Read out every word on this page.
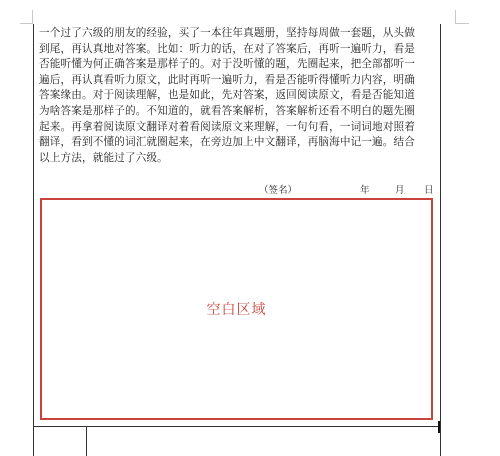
一个过了六级的朋友的经验，买了一本往年真题册，坚持每周做一套题，从头做
到尾，再认真地对答案。比如：听力的话，在对了答案后，再听一遍听力，看是
否能听懂为何正确答案是那样子的。对于没听懂的题，先圈起来，把全部都听一
遍后，再认真看听力原文，此时再听一遍听力，看是否能听得懂听力内容，明确
答案缘由。对于阅读理解，也是如此，先对答案，返回阅读原文，看是否能知道
为啥答案是那样子的。不知道的，就看答案解析，答案解析还看不明白的题先圈
起来。再拿着阅读原文翻译对着看阅读原文来理解，一句句看，一词词地对照着
翻译，看到不懂的词汇就圈起来，在旁边加上中文翻译，再脑海中记一遍。结合
以上方法，就能过了六级。
（签名）	年	月 日
空白区域
